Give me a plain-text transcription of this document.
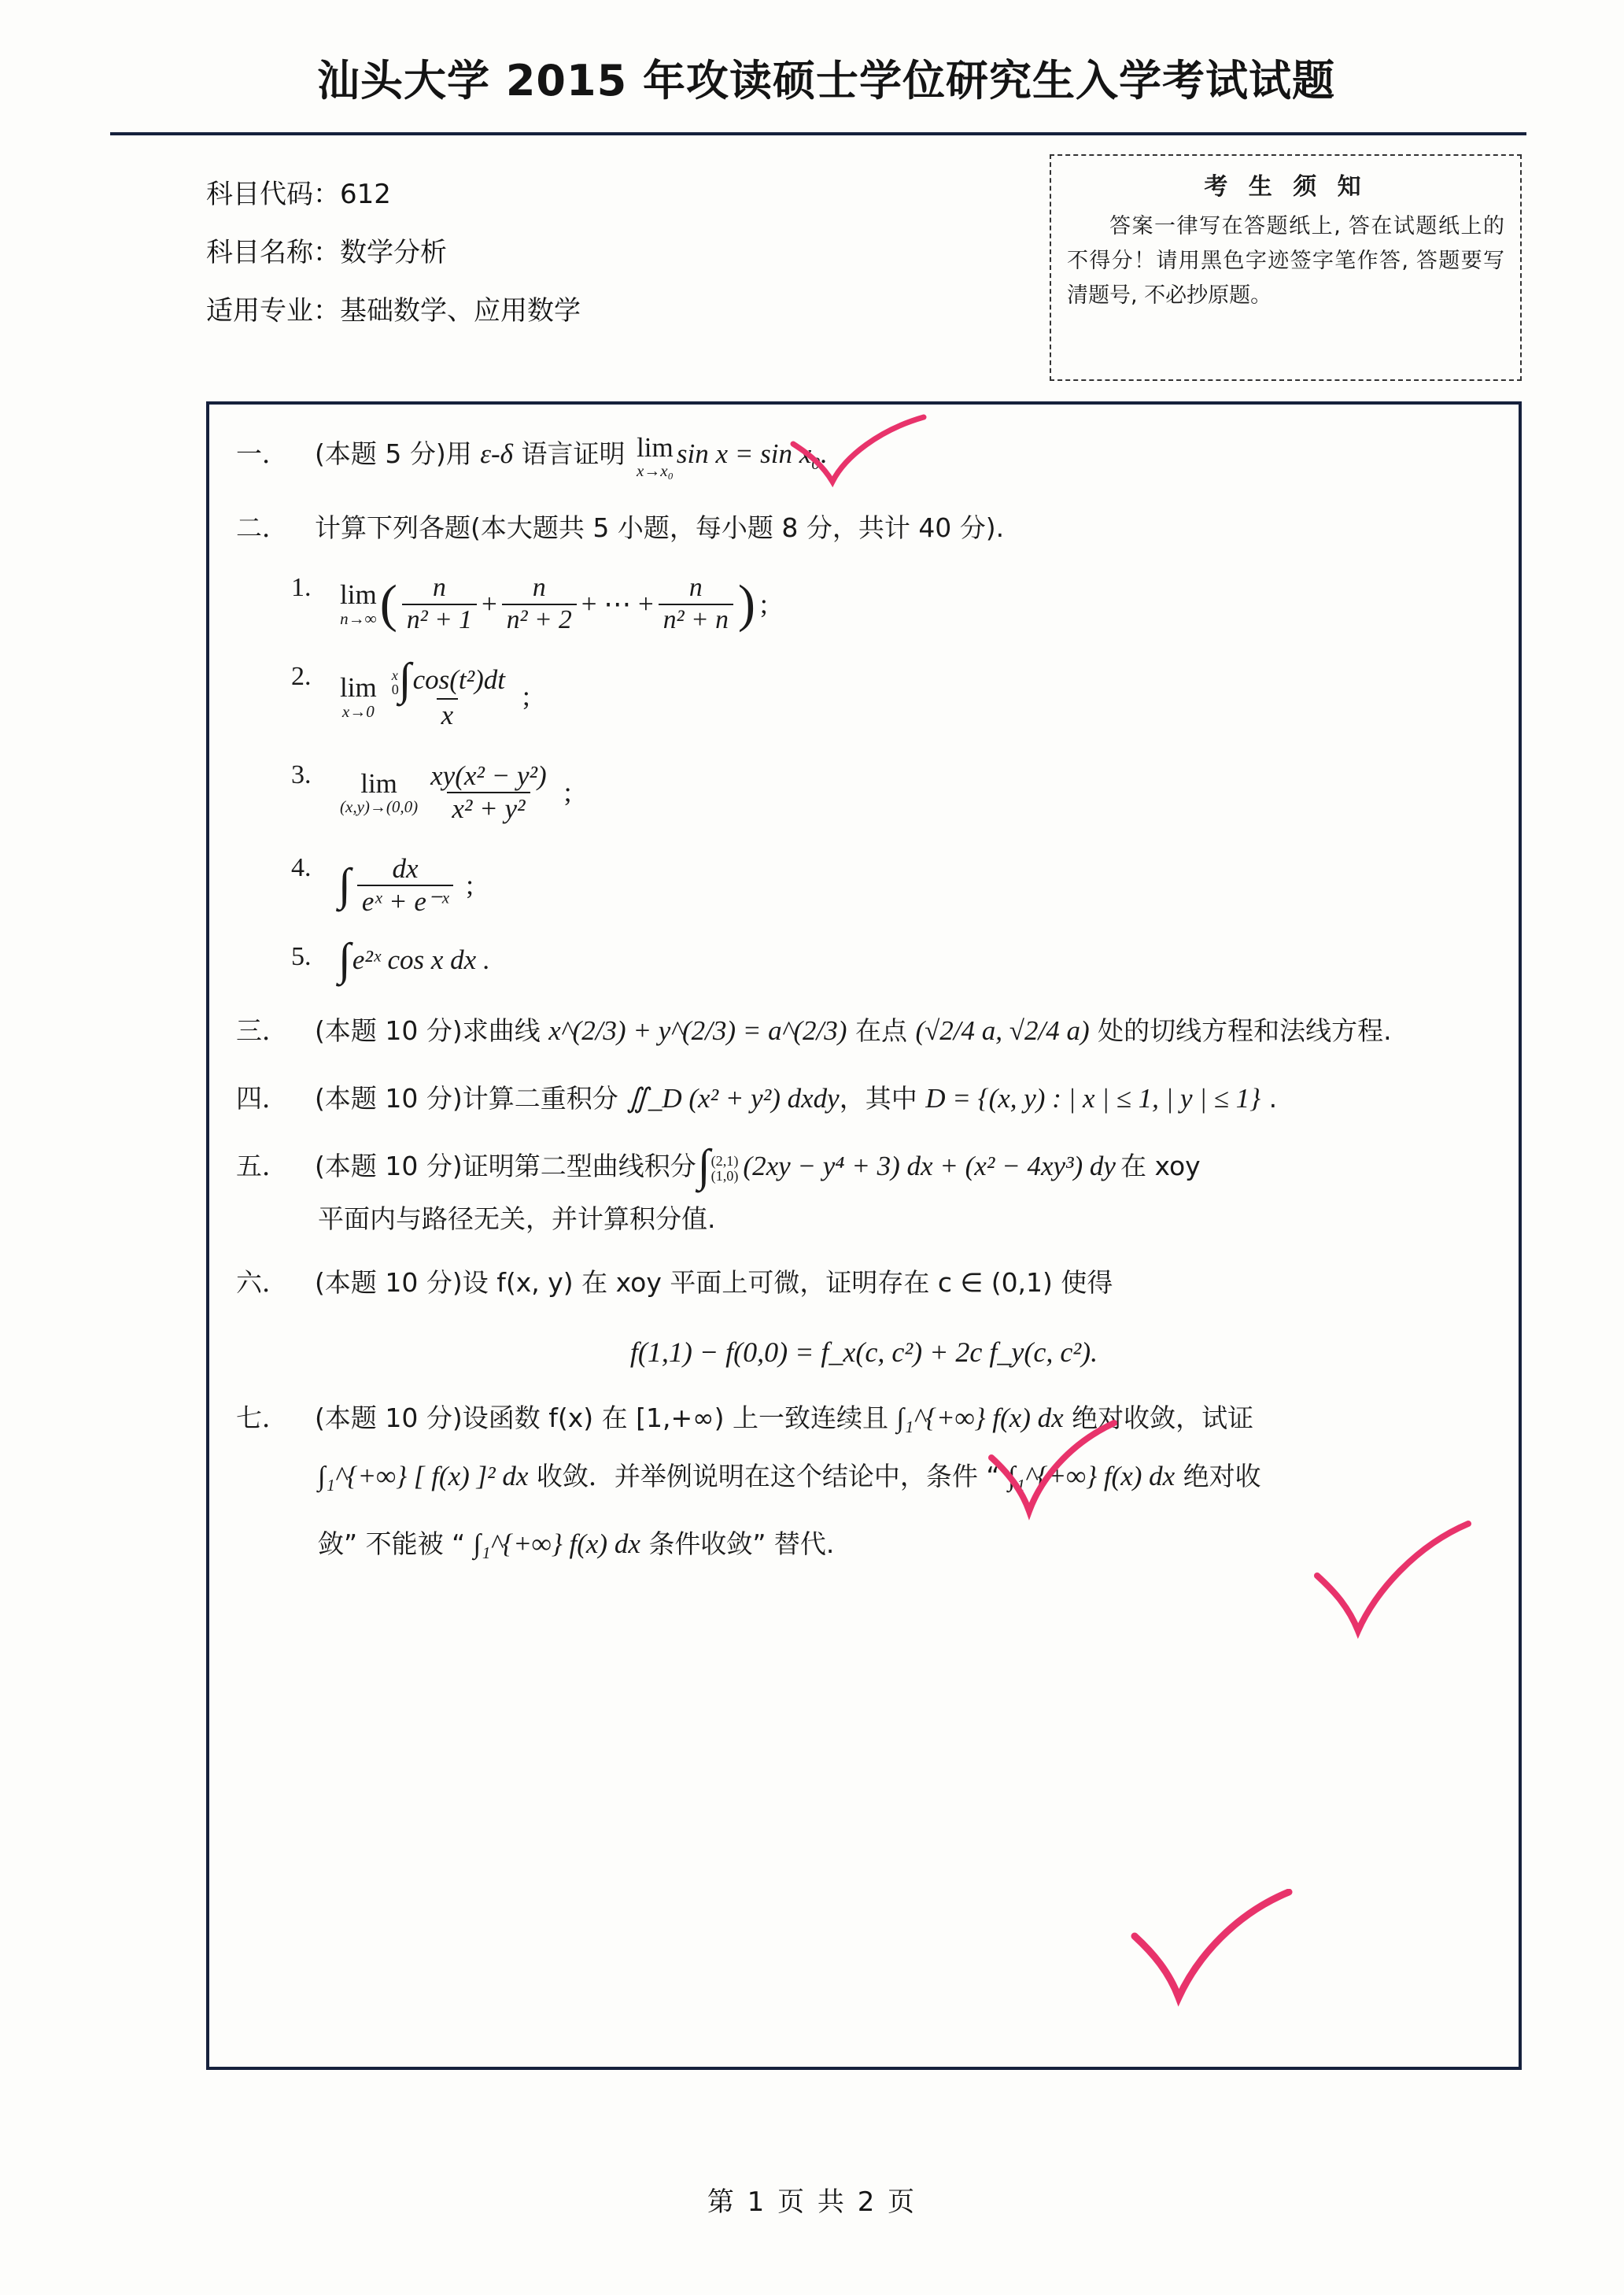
汕头大学 2015 年攻读硕士学位研究生入学考试试题
科目代码：612
科目名称：数学分析
适用专业：基础数学、应用数学
考 生 须 知
答案一律写在答题纸上, 答在试题纸上的不得分！请用黑色字迹签字笔作答, 答题要写清题号, 不必抄原题。
一．	(本题 5 分)用 ε-δ 语言证明 lim
x→x₀
$\sin x = \sin x_0$.
二．	计算下列各题(本大题共 5 小题，每小题 8 分，共计 40 分).
1.	lim
n→∞ ( $\frac{n}{\text{n² + 1}} + \frac{n}{\text{n² + 2}}$ + ⋯ + $\frac{n}{\text{n² + n}}$ ) ;
2.	lim
x→0 x
0 ∫ cos(t²)dt
x ;
3.	lim
$(x,y)\to(0,0) \frac{\text{xy(x² − y²)}}{\text{x² + y²}}$ ;
4. ∫ $\frac{dx}{\text{eˣ + e⁻ˣ}}$ ;
5. ∫ e²ˣ cos x dx .
三．	(本题 10 分)求曲线 x^(2/3) + y^(2/3) = a^(2/3) 在点 (√2/4 a, √2/4 a) 处的切线方程和法线方程.
四．	(本题 10 分)计算二重积分 ∬_D (x² + y²) dxdy，其中 D = {(x, y) : | x | ≤ 1, | y | ≤ 1} .
五．	(本题 10 分) 证明第二型曲线积分 ∫ (2,1)
(1,0) (2xy − y⁴ + 3) dx + (x² − 4xy³) dy 在 xoy
平面内与路径无关，并计算积分值.
六．	(本题 10 分)设 f(x, y) 在 xoy 平面上可微，证明存在 c ∈ (0,1) 使得
f(1,1) − f(0,0) = f_x(c, c²) + 2c f_y(c, c²).
七．	(本题 10 分)设函数 f(x) 在 [1,+∞) 上一致连续且 ∫₁^{+∞} f(x) dx 绝对收敛，试证
∫₁^{+∞} [ f(x) ]² dx 收敛．并举例说明在这个结论中，条件 “ ∫₁^{+∞} f(x) dx 绝对收
敛” 不能被 “ ∫₁^{+∞} f(x) dx 条件收敛” 替代.
第 1 页 共 2 页
